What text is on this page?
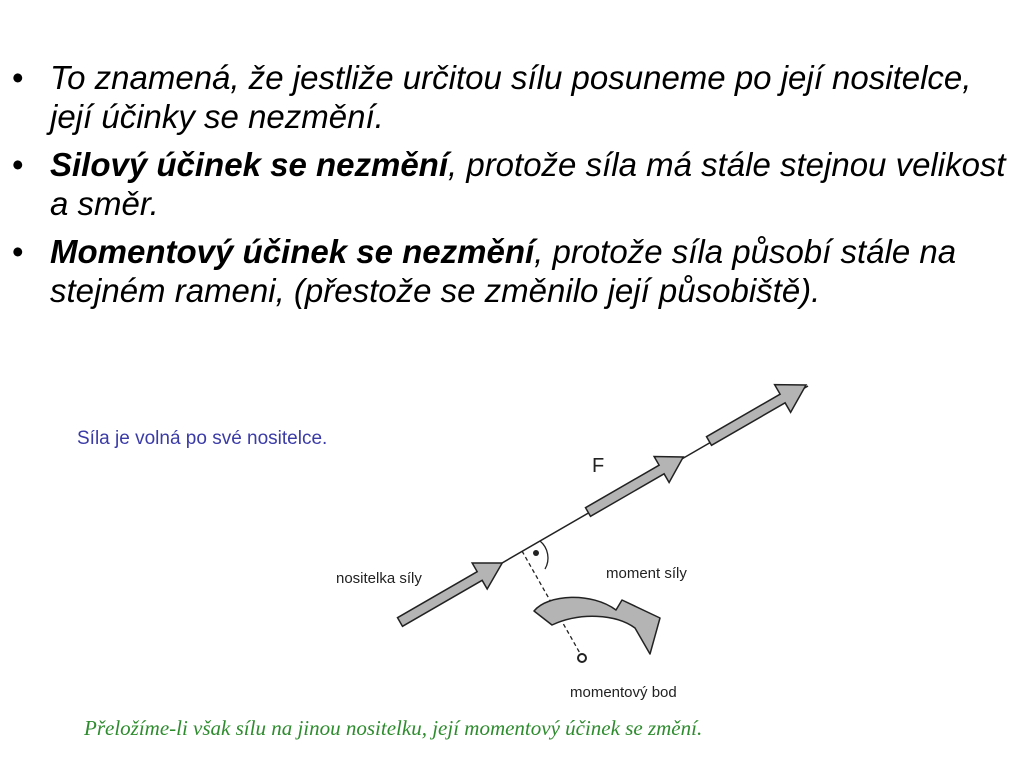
• To znamená, že jestliže určitou sílu posuneme po její nositelce, její účinky se nezmění.
• Silový účinek se nezmění, protože síla má stále stejnou velikost a směr.
• Momentový účinek se nezmění, protože síla působí stále na stejném rameni, (přestože se změnilo její působiště).
Síla je volná po své nositelce.
F
nositelka síly	moment síly
momentový bod
Přeložíme-li však sílu na jinou nositelku, její momentový účinek se změní.
